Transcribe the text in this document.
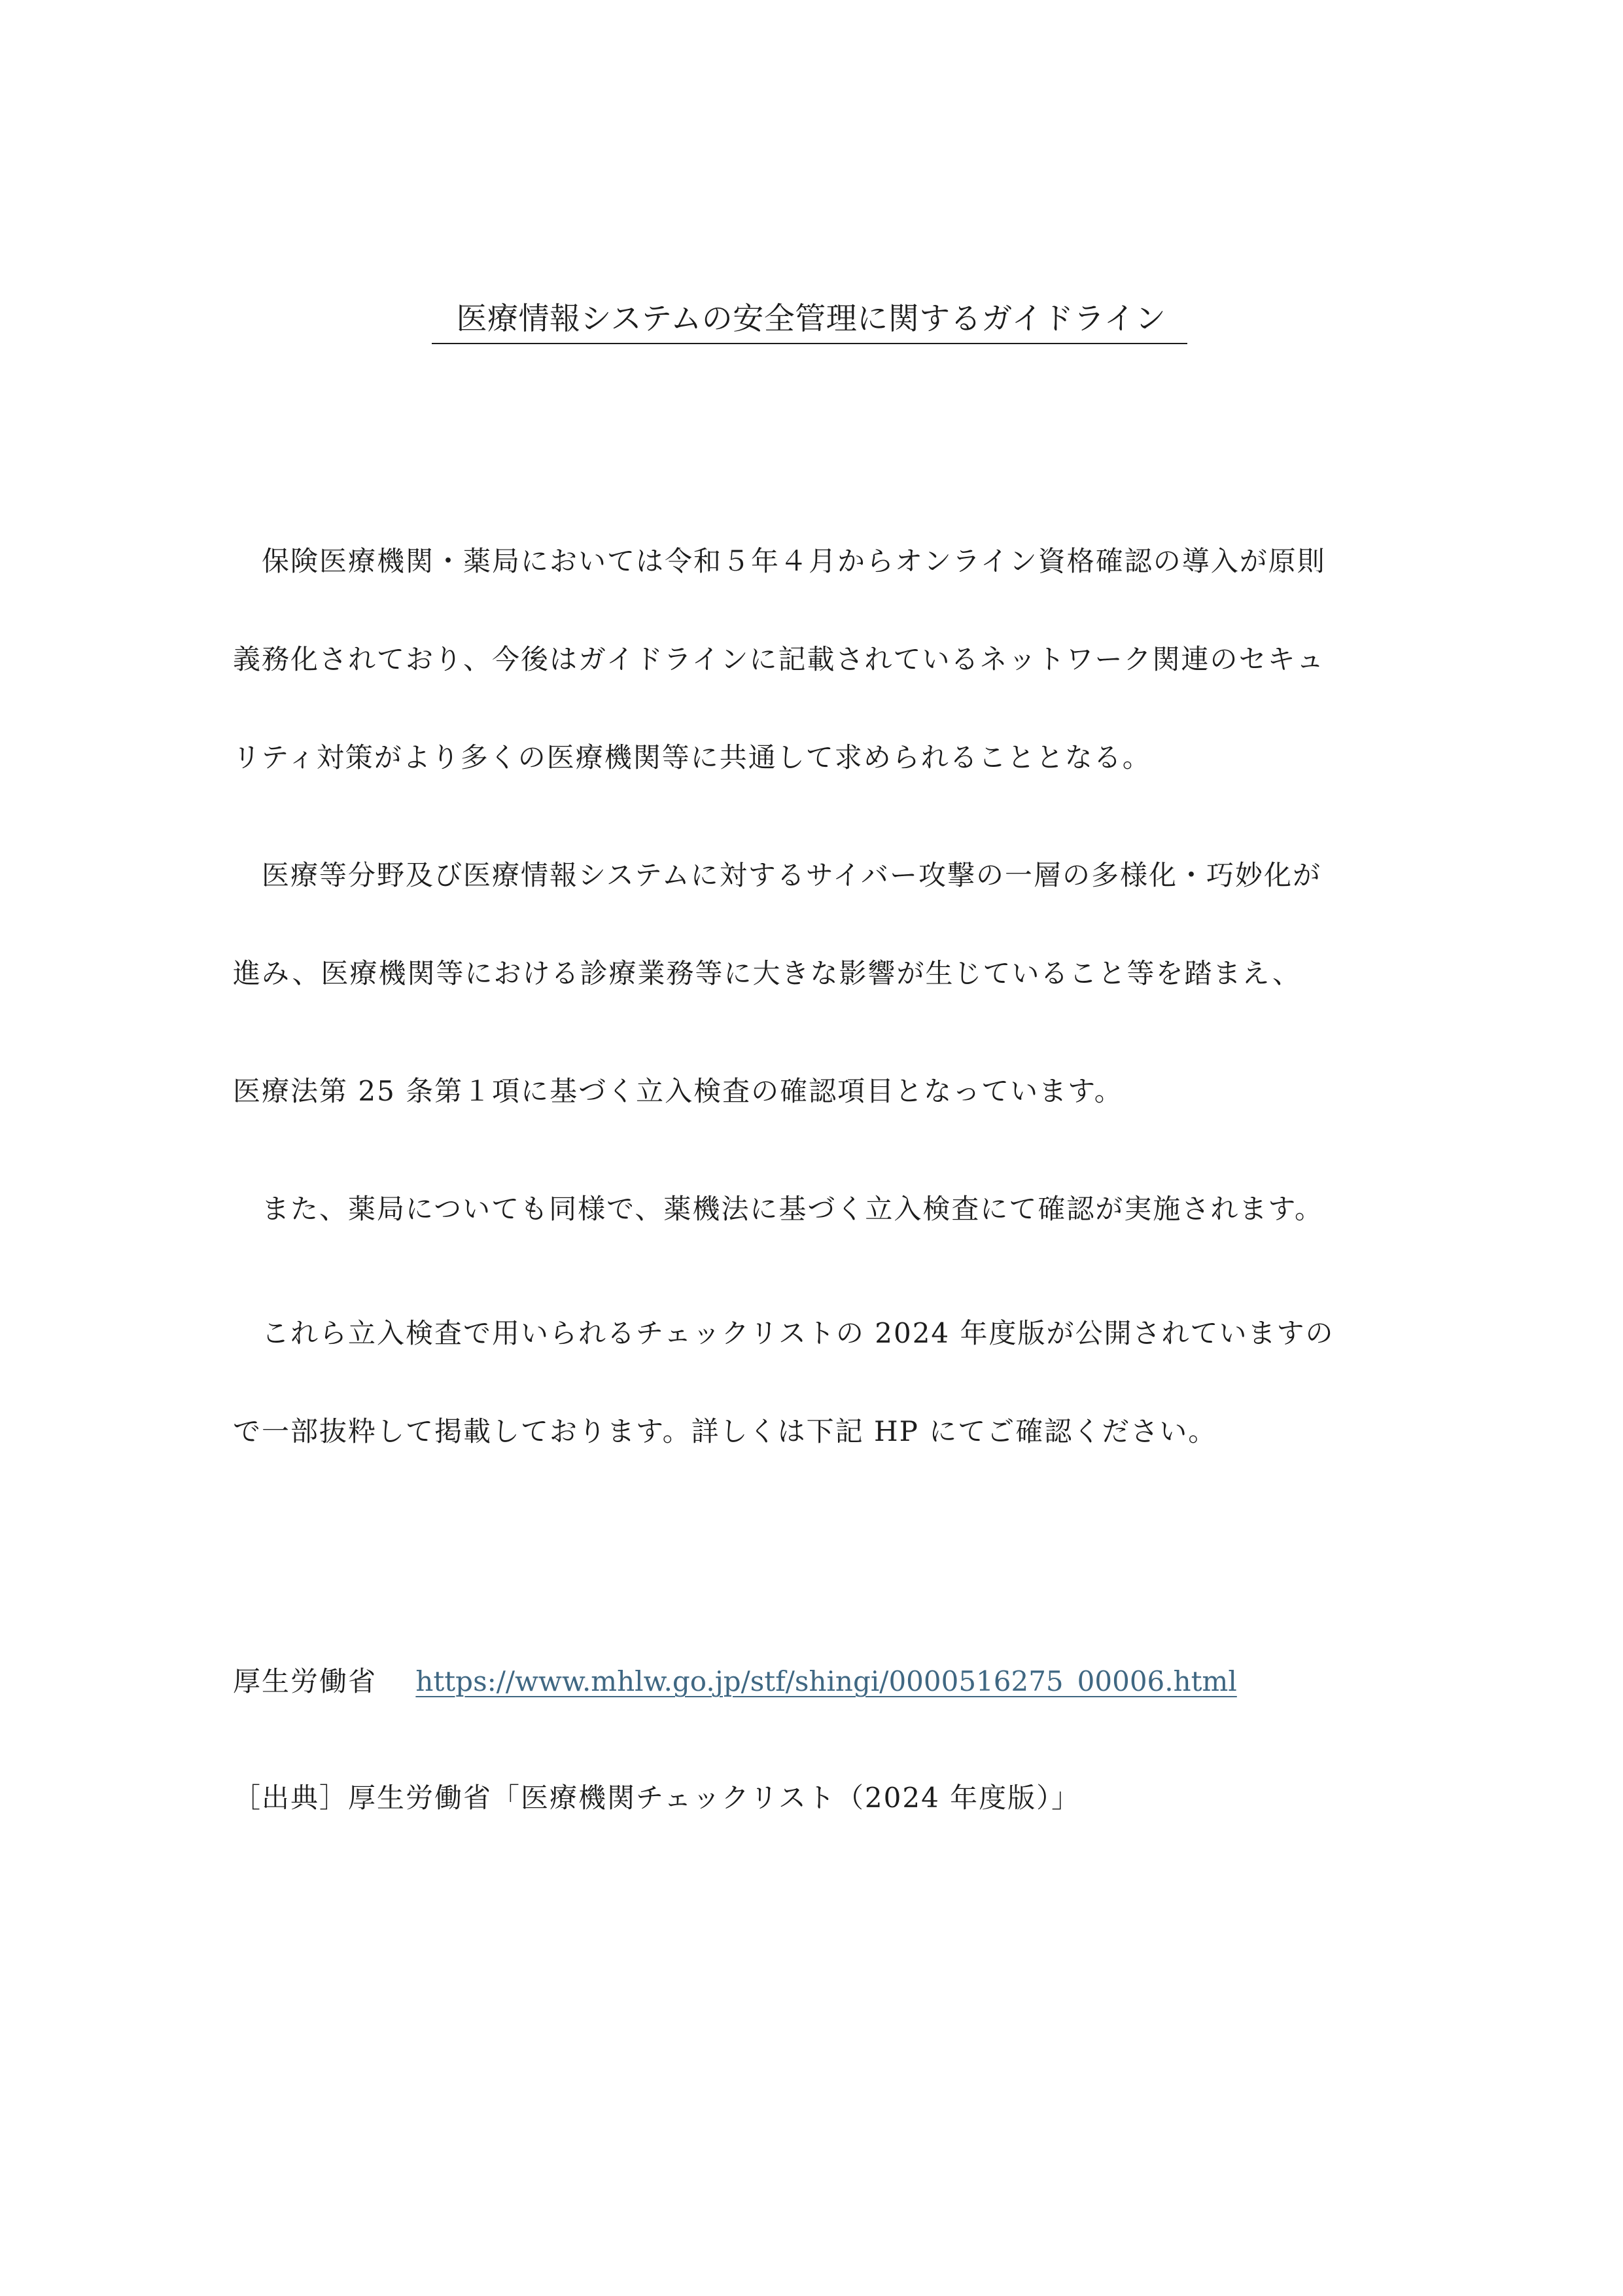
医療情報システムの安全管理に関するガイドライン

保険医療機関・薬局においては令和５年４月からオンライン資格確認の導入が原則

義務化されており、今後はガイドラインに記載されているネットワーク関連のセキュ

リティ対策がより多くの医療機関等に共通して求められることとなる。

医療等分野及び医療情報システムに対するサイバー攻撃の一層の多様化・巧妙化が

進み、医療機関等における診療業務等に大きな影響が生じていること等を踏まえ、

医療法第 25 条第１項に基づく立入検査の確認項目となっています。

また、薬局についても同様で、薬機法に基づく立入検査にて確認が実施されます。

これら立入検査で用いられるチェックリストの 2024 年度版が公開されていますの

で一部抜粋して掲載しております。詳しくは下記 HP にてご確認ください。

厚生労働省 https://www.mhlw.go.jp/stf/shingi/0000516275_00006.html
［出典］厚生労働省「医療機関チェックリスト（2024 年度版）」
